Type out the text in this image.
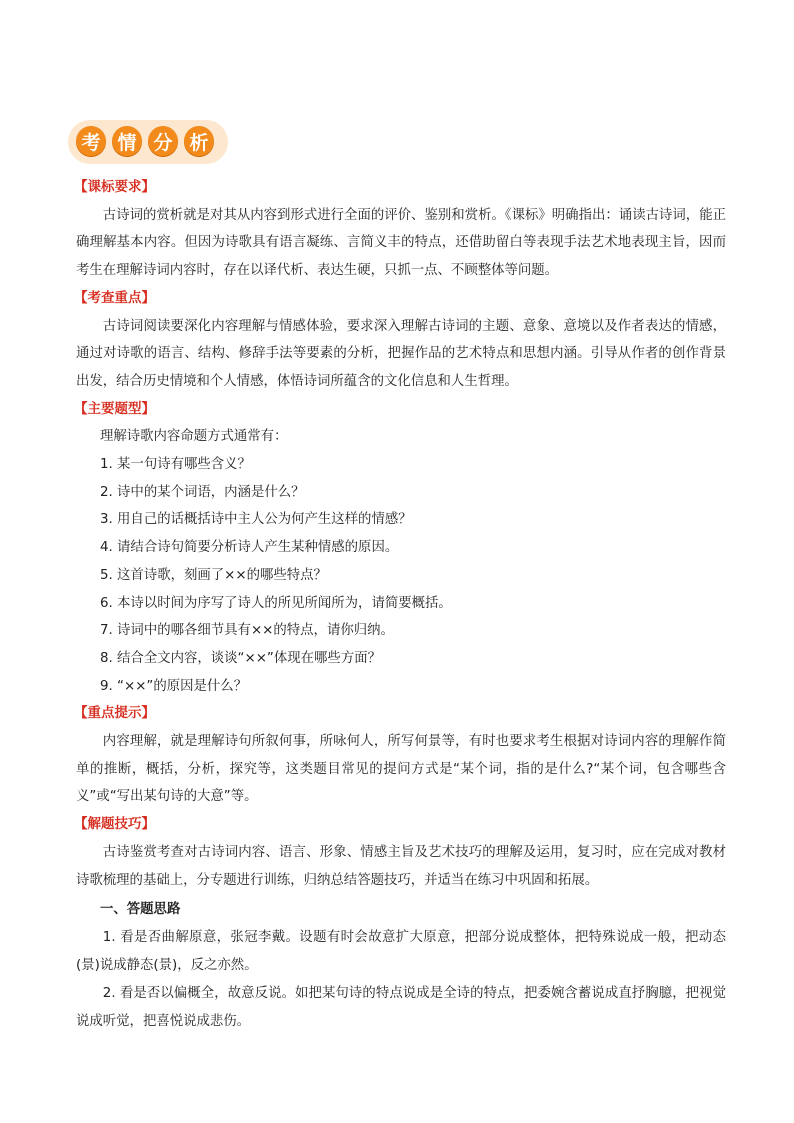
考 情 分 析
【课标要求】

古诗词的赏析就是对其从内容到形式进行全面的评价、鉴别和赏析。《课标》明确指出：诵读古诗词，能正确理解基本内容。但因为诗歌具有语言凝练、言简义丰的特点，还借助留白等表现手法艺术地表现主旨，因而考生在理解诗词内容时，存在以译代析、表达生硬，只抓一点、不顾整体等问题。

【考查重点】

古诗词阅读要深化内容理解与情感体验，要求深入理解古诗词的主题、意象、意境以及作者表达的情感，通过对诗歌的语言、结构、修辞手法等要素的分析，把握作品的艺术特点和思想内涵。引导从作者的创作背景出发，结合历史情境和个人情感，体悟诗词所蕴含的文化信息和人生哲理。

【主要题型】
理解诗歌内容命题方式通常有：
1. 某一句诗有哪些含义？
2. 诗中的某个词语，内涵是什么？
3. 用自己的话概括诗中主人公为何产生这样的情感？
4. 请结合诗句简要分析诗人产生某种情感的原因。
5. 这首诗歌，刻画了××的哪些特点？
6. 本诗以时间为序写了诗人的所见所闻所为，请简要概括。
7. 诗词中的哪各细节具有××的特点，请你归纳。
8. 结合全文内容，谈谈“××”体现在哪些方面？
9. “××”的原因是什么？
【重点提示】

内容理解，就是理解诗句所叙何事，所咏何人，所写何景等，有时也要求考生根据对诗词内容的理解作简单的推断，概括，分析，探究等，这类题目常见的提问方式是“某个词，指的是什么?“某个词，包含哪些含义”或“写出某句诗的大意”等。

【解题技巧】

古诗鉴赏考查对古诗词内容、语言、形象、情感主旨及艺术技巧的理解及运用，复习时，应在完成对教材诗歌梳理的基础上，分专题进行训练，归纳总结答题技巧，并适当在练习中巩固和拓展。

一、答题思路

1. 看是否曲解原意，张冠李戴。设题有时会故意扩大原意，把部分说成整体，把特殊说成一般，把动态(景)说成静态(景)，反之亦然。

2. 看是否以偏概全，故意反说。如把某句诗的特点说成是全诗的特点，把委婉含蓄说成直抒胸臆，把视觉说成听觉，把喜悦说成悲伤。
